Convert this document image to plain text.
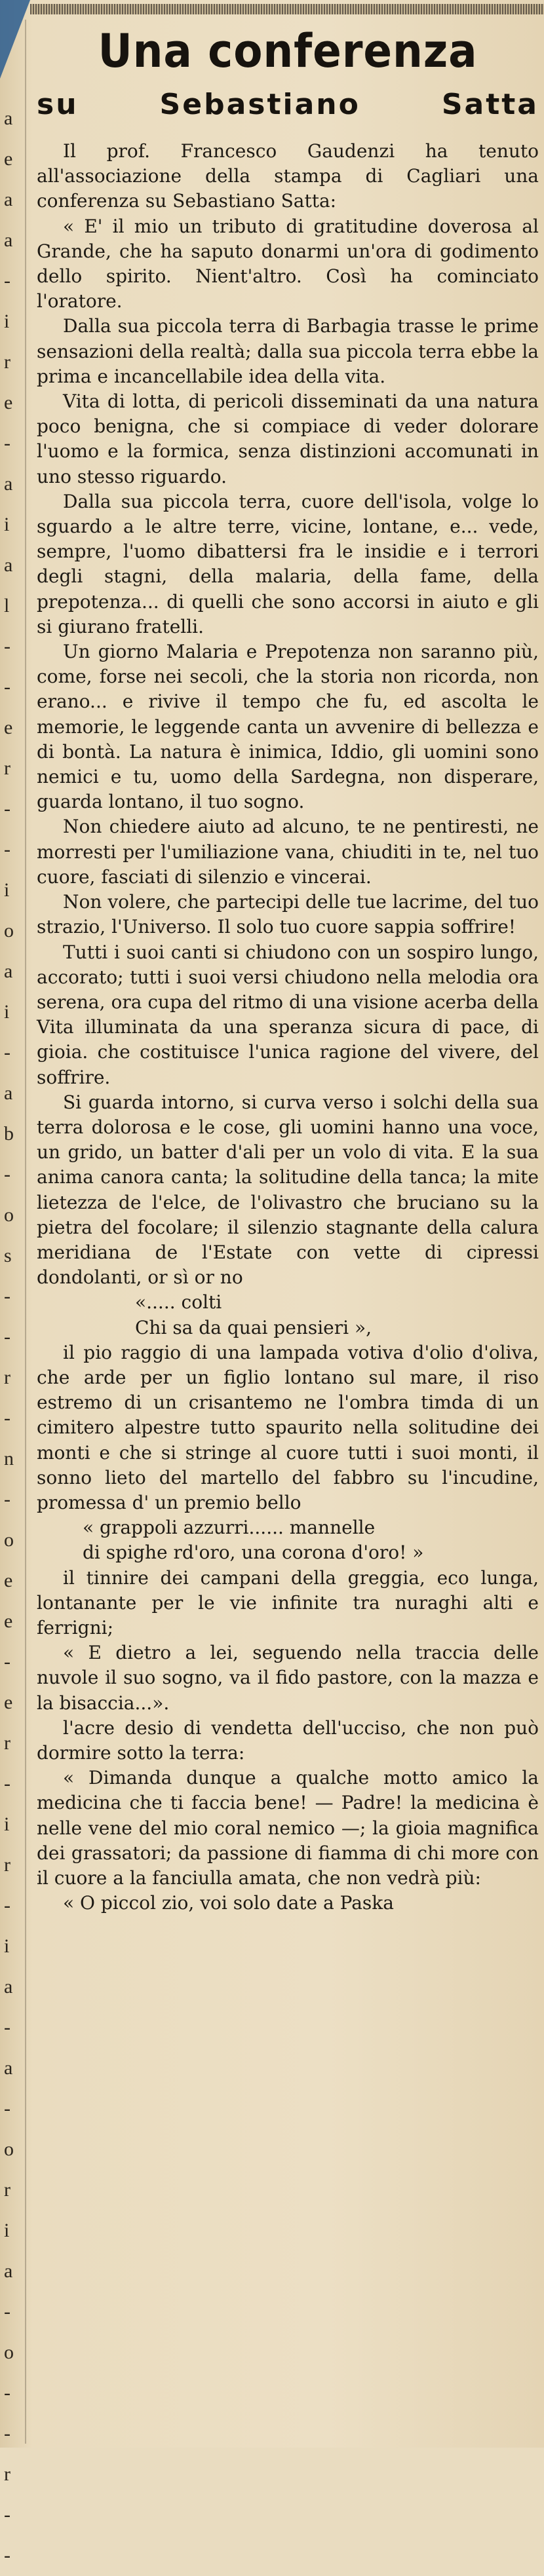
a
e
a
a
-
i
r
e
-
a
i
a
l
-
-
e
r
-
-
i
o
a
i
-
a
b
-
o
s
-
-
r
-
n
-
o
e
e
-
e
r
-
i
r
-
i
a
-
a
-
o
r
i
a
-
o
-
-
r
-
-
Una conferenza
su	Sebastiano	Satta

Il prof. Francesco Gaudenzi ha tenuto all'associazione della stampa di Cagliari una conferenza su Sebastiano Satta:

« E' il mio un tributo di gratitudine doverosa al Grande, che ha saputo donarmi un'ora di godimento dello spirito. Nient'altro. Così ha cominciato l'oratore.

Dalla sua piccola terra di Barbagia trasse le prime sensazioni della realtà; dalla sua piccola terra ebbe la prima e incancellabile idea della vita.

Vita di lotta, di pericoli disseminati da una natura poco benigna, che si compiace di veder dolorare l'uomo e la formica, senza distinzioni accomunati in uno stesso riguardo.

Dalla sua piccola terra, cuore dell'isola, volge lo sguardo a le altre terre, vicine, lontane, e... vede, sempre, l'uomo dibattersi fra le insidie e i terrori degli stagni, della malaria, della fame, della prepotenza... di quelli che sono accorsi in aiuto e gli si giurano fratelli.

Un giorno Malaria e Prepotenza non saranno più, come, forse nei secoli, che la storia non ricorda, non erano... e rivive il tempo che fu, ed ascolta le memorie, le leggende canta un avvenire di bellezza e di bontà. La natura è inimica, Iddio, gli uomini sono nemici e tu, uomo della Sardegna, non disperare, guarda lontano, il tuo sogno.

Non chiedere aiuto ad alcuno, te ne pentiresti, ne morresti per l'umiliazione vana, chiuditi in te, nel tuo cuore, fasciati di silenzio e vincerai.

Non volere, che partecipi delle tue lacrime, del tuo strazio, l'Universo. Il solo tuo cuore sappia soffrire!

Tutti i suoi canti si chiudono con un sospiro lungo, accorato; tutti i suoi versi chiudono nella melodia ora serena, ora cupa del ritmo di una visione acerba della Vita illuminata da una speranza sicura di pace, di gioia. che costituisce l'unica ragione del vivere, del soffrire.

Si guarda intorno, si curva verso i solchi della sua terra dolorosa e le cose, gli uomini hanno una voce, un grido, un batter d'ali per un volo di vita. E la sua anima canora canta; la solitudine della tanca; la mite lietezza de l'elce, de l'olivastro che bruciano su la pietra del focolare; il silenzio stagnante della calura meridiana de l'Estate con vette di cipressi dondolanti, or sì or no

«..... colti

Chi sa da quai pensieri »,

il pio raggio di una lampada votiva d'olio d'oliva, che arde per un figlio lontano sul mare, il riso estremo di un crisantemo ne l'ombra timda di un cimitero alpestre tutto spaurito nella solitudine dei monti e che si stringe al cuore tutti i suoi monti, il sonno lieto del martello del fabbro su l'incudine, promessa d' un premio bello

« grappoli azzurri...... mannelle

di spighe rd'oro, una corona d'oro! »

il tinnire dei campani della greggia, eco lunga, lontanante per le vie infinite tra nuraghi alti e ferrigni;

« E dietro a lei, seguendo nella traccia delle nuvole il suo sogno, va il fido pastore, con la mazza e la bisaccia...».

l'acre desio di vendetta dell'ucciso, che non può dormire sotto la terra:

« Dimanda dunque a qualche motto amico la medicina che ti faccia bene! — Padre! la medicina è nelle vene del mio coral nemico —; la gioia magnifica dei grassatori; da passione di fiamma di chi more con il cuore a la fanciulla amata, che non vedrà più:

« O piccol zio, voi solo date a Paska
